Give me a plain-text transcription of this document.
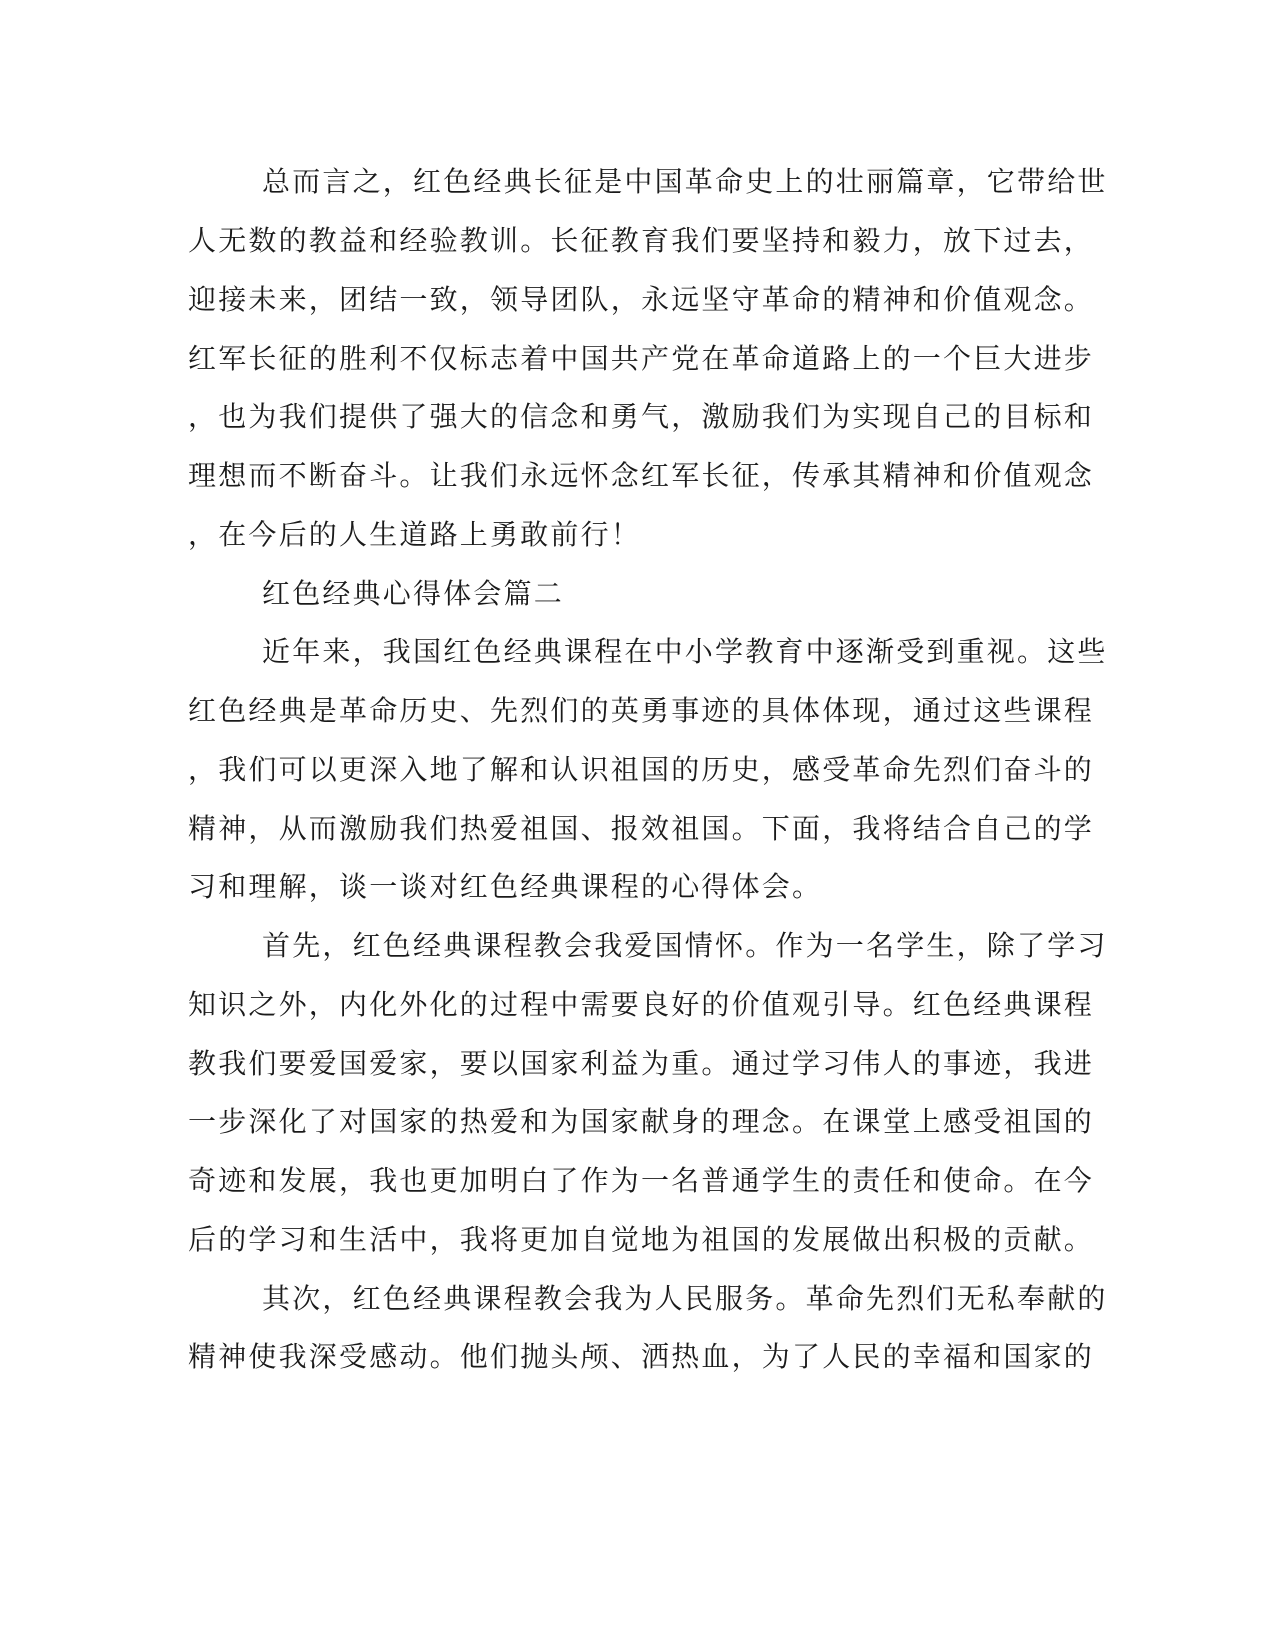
总而言之，红色经典长征是中国革命史上的壮丽篇章，它带给世
人无数的教益和经验教训。长征教育我们要坚持和毅力，放下过去，
迎接未来，团结一致，领导团队，永远坚守革命的精神和价值观念。
红军长征的胜利不仅标志着中国共产党在革命道路上的一个巨大进步
，也为我们提供了强大的信念和勇气，激励我们为实现自己的目标和
理想而不断奋斗。让我们永远怀念红军长征，传承其精神和价值观念
，在今后的人生道路上勇敢前行！
红色经典心得体会篇二
近年来，我国红色经典课程在中小学教育中逐渐受到重视。这些
红色经典是革命历史、先烈们的英勇事迹的具体体现，通过这些课程
，我们可以更深入地了解和认识祖国的历史，感受革命先烈们奋斗的
精神，从而激励我们热爱祖国、报效祖国。下面，我将结合自己的学
习和理解，谈一谈对红色经典课程的心得体会。
首先，红色经典课程教会我爱国情怀。作为一名学生，除了学习
知识之外，内化外化的过程中需要良好的价值观引导。红色经典课程
教我们要爱国爱家，要以国家利益为重。通过学习伟人的事迹，我进
一步深化了对国家的热爱和为国家献身的理念。在课堂上感受祖国的
奇迹和发展，我也更加明白了作为一名普通学生的责任和使命。在今
后的学习和生活中，我将更加自觉地为祖国的发展做出积极的贡献。
其次，红色经典课程教会我为人民服务。革命先烈们无私奉献的
精神使我深受感动。他们抛头颅、洒热血，为了人民的幸福和国家的
